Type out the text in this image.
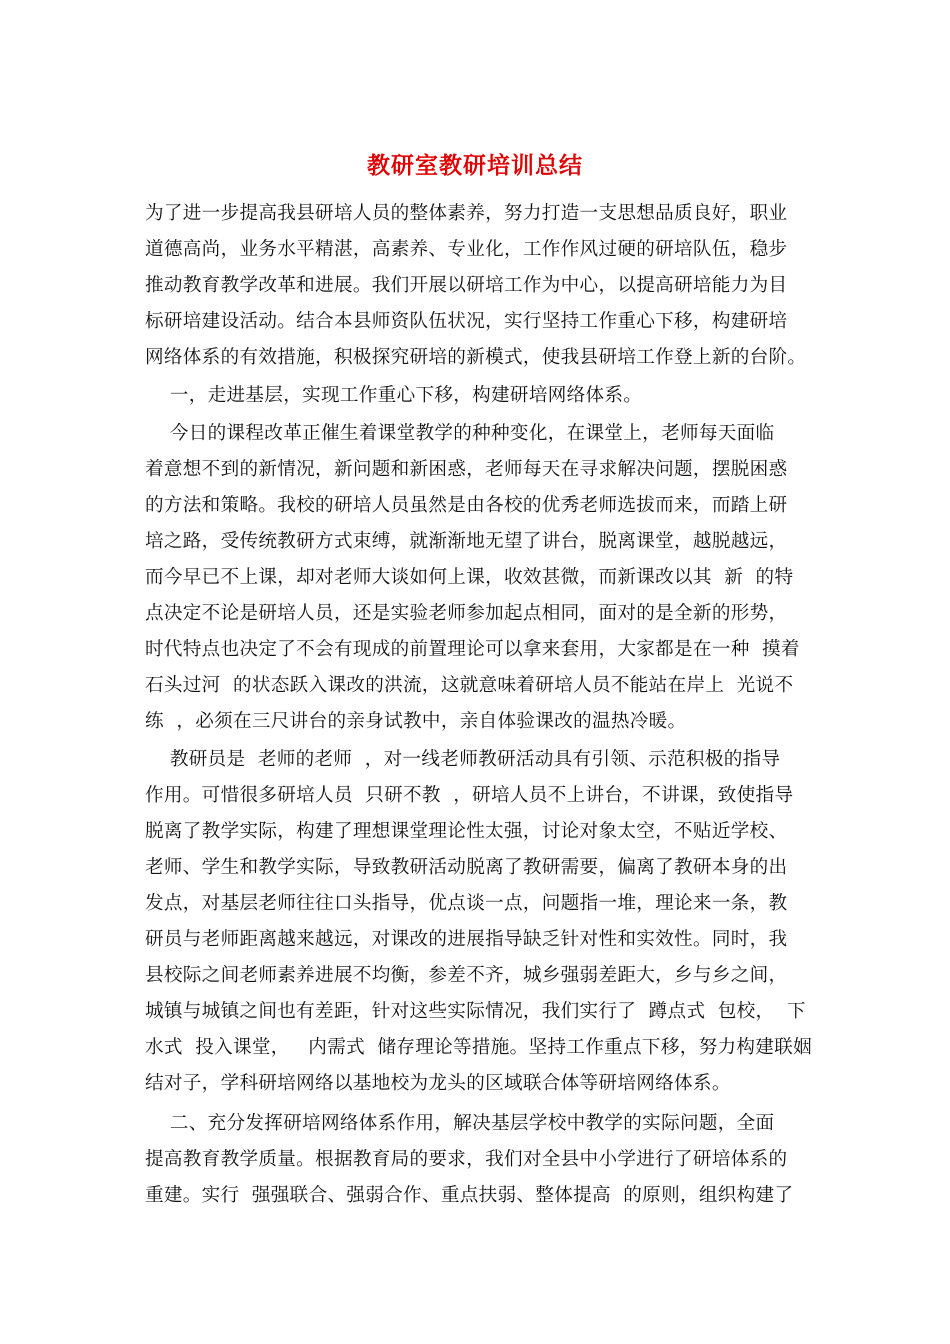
教研室教研培训总结
为了进一步提高我县研培人员的整体素养，努力打造一支思想品质良好，职业
道德高尚，业务水平精湛，高素养、专业化，工作作风过硬的研培队伍，稳步
推动教育教学改革和进展。我们开展以研培工作为中心，以提高研培能力为目
标研培建设活动。结合本县师资队伍状况，实行坚持工作重心下移，构建研培
网络体系的有效措施，积极探究研培的新模式，使我县研培工作登上新的台阶。
一，走进基层，实现工作重心下移，构建研培网络体系。
今日的课程改革正催生着课堂教学的种种变化，在课堂上，老师每天面临
着意想不到的新情况，新问题和新困惑，老师每天在寻求解决问题，摆脱困惑
的方法和策略。我校的研培人员虽然是由各校的优秀老师选拔而来，而踏上研
培之路，受传统教研方式束缚，就渐渐地无望了讲台，脱离课堂，越脱越远，
而今早已不上课，却对老师大谈如何上课，收效甚微，而新课改以其  新  的特
点决定不论是研培人员，还是实验老师参加起点相同，面对的是全新的形势，
时代特点也决定了不会有现成的前置理论可以拿来套用，大家都是在一种  摸着
石头过河  的状态跃入课改的洪流，这就意味着研培人员不能站在岸上  光说不
练  ，必须在三尺讲台的亲身试教中，亲自体验课改的温热冷暖。
教研员是  老师的老师  ，对一线老师教研活动具有引领、示范积极的指导
作用。可惜很多研培人员  只研不教  ，研培人员不上讲台，不讲课，致使指导
脱离了教学实际，构建了理想课堂理论性太强，讨论对象太空，不贴近学校、
老师、学生和教学实际，导致教研活动脱离了教研需要，偏离了教研本身的出
发点，对基层老师往往口头指导，优点谈一点，问题指一堆，理论来一条，教
研员与老师距离越来越远，对课改的进展指导缺乏针对性和实效性。同时，我
县校际之间老师素养进展不均衡，参差不齐，城乡强弱差距大，乡与乡之间，
城镇与城镇之间也有差距，针对这些实际情况，我们实行了  蹲点式  包校，  下
水式  投入课堂，   内需式  储存理论等措施。坚持工作重点下移，努力构建联姻
结对子，学科研培网络以基地校为龙头的区域联合体等研培网络体系。
二、充分发挥研培网络体系作用，解决基层学校中教学的实际问题，全面
提高教育教学质量。根据教育局的要求，我们对全县中小学进行了研培体系的
重建。实行  强强联合、强弱合作、重点扶弱、整体提高  的原则，组织构建了
